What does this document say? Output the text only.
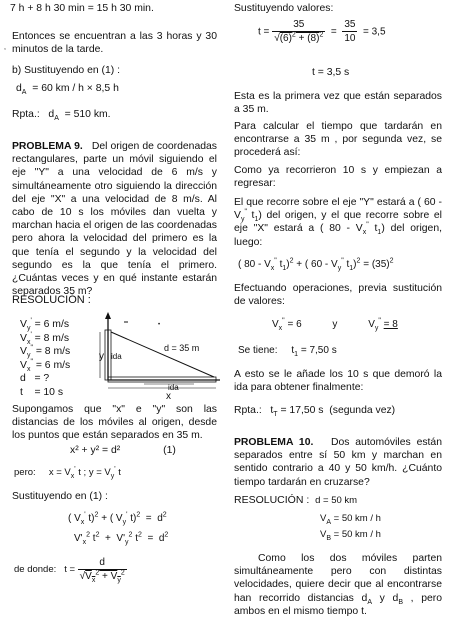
7 h + 8 h 30 min = 15 h 30 min.

Entonces se encuentran a las 3 horas y 30 minutos de la tarde.

b) Sustituyendo en (1) :

$d_A = 60$ km / h × 8,5 h
Rpta.: $d_A = 510$ km.

PROBLEMA 9. Del origen de coordenadas rectangulares, parte un móvil siguiendo el eje "Y" a una velocidad de 6 m/s y simultáneamente otro siguiendo la dirección del eje "X" a una velocidad de 8 m/s. Al cabo de 10 s los móviles dan vuelta y marchan hacia el origen de las coordenadas pero ahora la velocidad del primero es la que tenía el segundo y la velocidad del segundo es la que tenía el primero. ¿Cuántas veces y en qué instante estarán separados 35 m?

RESOLUCIÓN :

$V_y' = 6$ m/s
$V_x' = 8$ m/s
$V_y^" = 8$ m/s
$V_x^" = 6$ m/s
d   = ?
t    = 10 s
y ida
d = 35 m
ida
x

Supongamos que "x" e "y" son las distancias de los móviles al origen, desde los puntos que están separados en 35 m.

x² + y² = d²	(1)
pero: $x = V_x'$ t ; $y = V_y'$ t

Sustituyendo en (1) :

( $V_x'$ t)$^2$ + ( $V_y'$ $t)^2 = d^2$
$V'_x^2$ $t^2 + V'_y^2$ $t^2 = d^2$
de donde: $t = \frac{d}{√V_x^2 + V_y^2}$

Sustituyendo valores:

$t = \frac{35}{√(6)^2 + (8)^2} = \frac{35}{10} = 3,5$

t = 3,5 s

Esta es la primera vez que están separados a 35 m.

Para calcular el tiempo que tardarán en encontrarse a 35 m , por segunda vez, se procederá así:

Como ya recorrieron 10 s y empiezan a regresar:

El que recorre sobre el eje "Y" estará a ( $60 - V_y^"$ $t_1$) del origen, y el que recorre sobre el eje "X" estará a ( $80 - V_x^"$ $t_1$) del origen, luego:

( $80 - V_x^"$ $t_1)^2$ + ( $60 - V_y^"$ $t_1)^2 = (35)^2$

Efectuando operaciones, previa sustitución de valores:

$V_x^" = 6$	y	$V_y^" = 8$
Se tiene:     $t_1 = 7,50$ s

A esto se le añade los 10 s que demoró la ida para obtener finalmente:

Rpta.:   $t_T = 17,50$ s (segunda vez)

PROBLEMA 10. Dos automóviles están separados entre sí 50 km y marchan en sentido contrario a 40 y 50 km/h. ¿Cuánto tiempo tardarán en cruzarse?

RESOLUCIÓN : d = 50 km
$V_A = 50$ km / h
$V_B = 50$ km / h

Como los dos móviles parten simultáneamente pero con distintas velocidades, quiere decir que al encontrarse han recorrido distancias $d_A$ y $d_B$ , pero ambos en el mismo tiempo t.

,
•
